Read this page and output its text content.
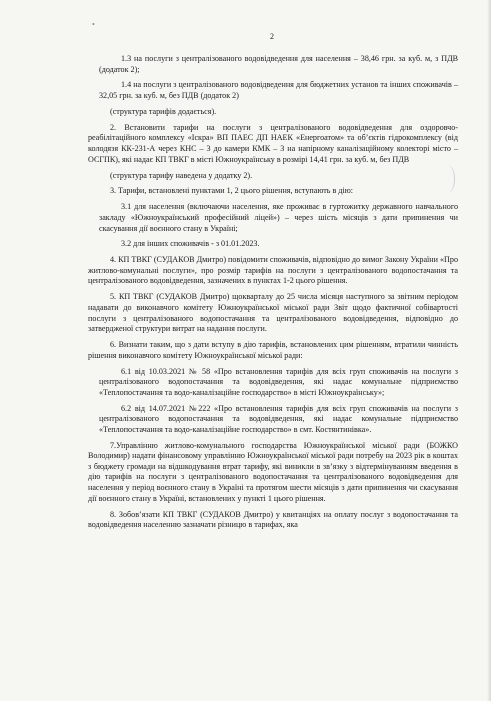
•
2

1.3 на послуги з централізованого водовідведення для населення – 38,46 грн. за куб. м, з ПДВ (додаток 2);

1.4 на послуги з централізованого водовідведення для бюджетних установ та інших споживачів – 32,05 грн. за куб. м, без ПДВ (додаток 2)

(структура тарифів додається).

2. Встановити тарифи на послуги з централізованого водовідведення для оздоровчо-реабілітаційного комплексу «Іскра» ВП ПАЕС ДП НАЕК «Енергоатом» та об’єктів гідрокомплексу (від колодязя КК-231-А через КНС – 3 до камери КМК – 3 на напірному каналізаційному колекторі місто – ОСГПК), які надає КП ТВКГ в місті Южноукраїнську в розмірі 14,41 грн. за куб. м, без ПДВ

(структура тарифу наведена у додатку 2).

3. Тарифи, встановлені пунктами 1, 2 цього рішення, вступають в дію:

3.1 для населення (включаючи населення, яке проживає в гуртожитку державного навчального закладу «Южноукраїнський професійний ліцей») – через шість місяців з дати припинення чи скасування дії воєнного стану в Україні;

3.2 для інших споживачів - з 01.01.2023.

4. КП ТВКГ (СУДАКОВ Дмитро) повідомити споживачів, відповідно до вимог Закону України «Про житлово-комунальні послуги», про розмір тарифів на послуги з централізованого водопостачання та централізованого водовідведення, зазначених в пунктах 1-2 цього рішення.

5. КП ТВКГ (СУДАКОВ Дмитро) щокварталу до 25 числа місяця наступного за звітним періодом надавати до виконавчого комітету Южноукраїнської міської ради Звіт щодо фактичної собівартості послуги з централізованого водопостачання та централізованого водовідведення, відповідно до затвердженої структури витрат на надання послуги.

6. Визнати таким, що з дати вступу в дію тарифів, встановлених цим рішенням, втратили чинність рішення виконавчого комітету Южноукраїнської міської ради:

6.1 від 10.03.2021 № 58 «Про встановлення тарифів для всіх груп споживачів на послуги з централізованого водопостачання та водовідведення, які надає комунальне підприємство «Теплопостачання та водо-каналізаційне господарство» в місті Южноукраїнську»;

6.2 від 14.07.2021 №222 «Про встановлення тарифів для всіх груп споживачів на послуги з централізованого водопостачання та водовідведення, які надає комунальне підприємство «Теплопостачання та водо-каналізаційне господарство» в смт. Костянтинівка».

7.Управлінню житлово-комунального господарства Южноукраїнської міської ради (БОЖКО Володимир) надати фінансовому управлінню Южноукраїнської міської ради потребу на 2023 рік в коштах з бюджету громади на відшкодування втрат тарифу, які виникли в зв’язку з відтермінуванням введення в дію тарифів на послуги з централізованого водопостачання та централізованого водовідведення для населення у період воєнного стану в Україні та протягом шести місяців з дати припинення чи скасування дії воєнного стану в Україні, встановлених у пункті 1 цього рішення.

8. Зобов’язати КП ТВКГ (СУДАКОВ Дмитро) у квитанціях на оплату послуг з водопостачання та водовідведення населенню зазначати різницю в тарифах, яка
